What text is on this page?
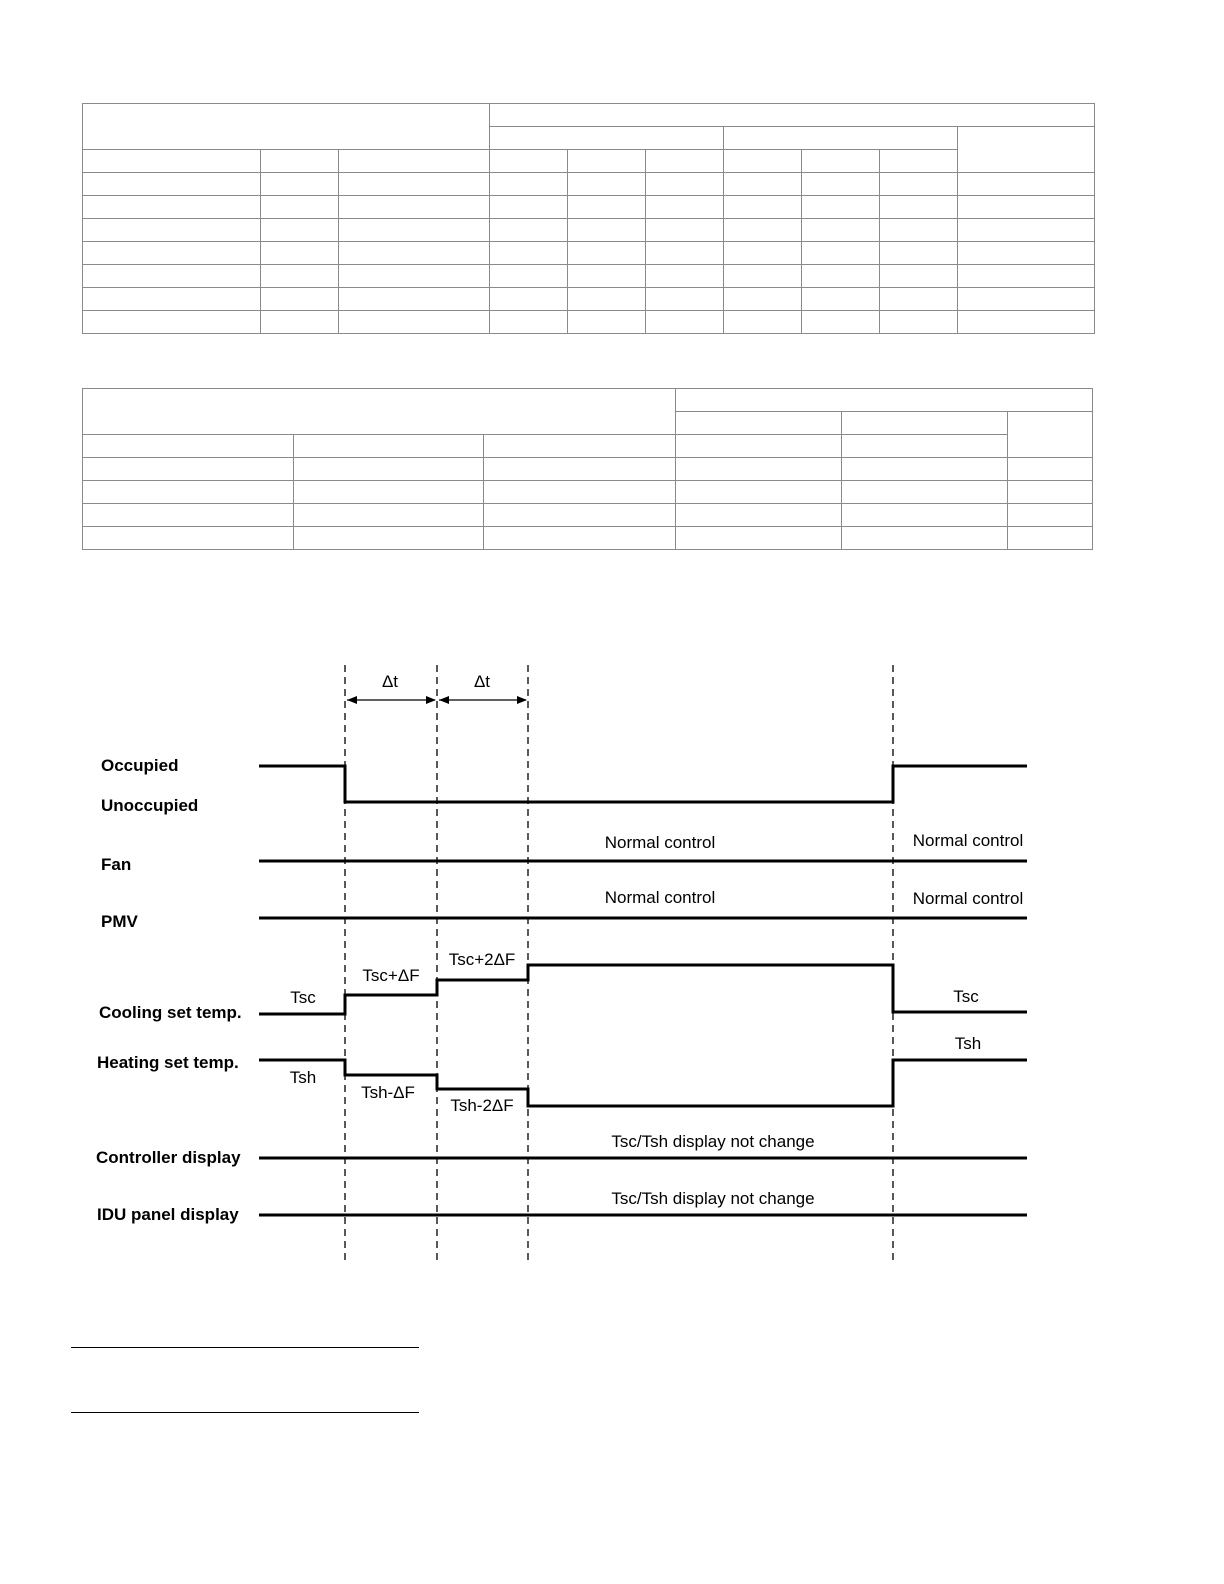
Δt	Δt
Occupied
Unoccupied
Fan
PMV
Cooling set temp.
Heating set temp.
Controller display
IDU panel display
Normal control	Normal control
Normal control	Normal control
Tsc
Tsc+ΔF
Tsc+2ΔF
Tsc
Tsh
Tsh-ΔF
Tsh-2ΔF
Tsh
Tsc/Tsh display not change
Tsc/Tsh display not change
